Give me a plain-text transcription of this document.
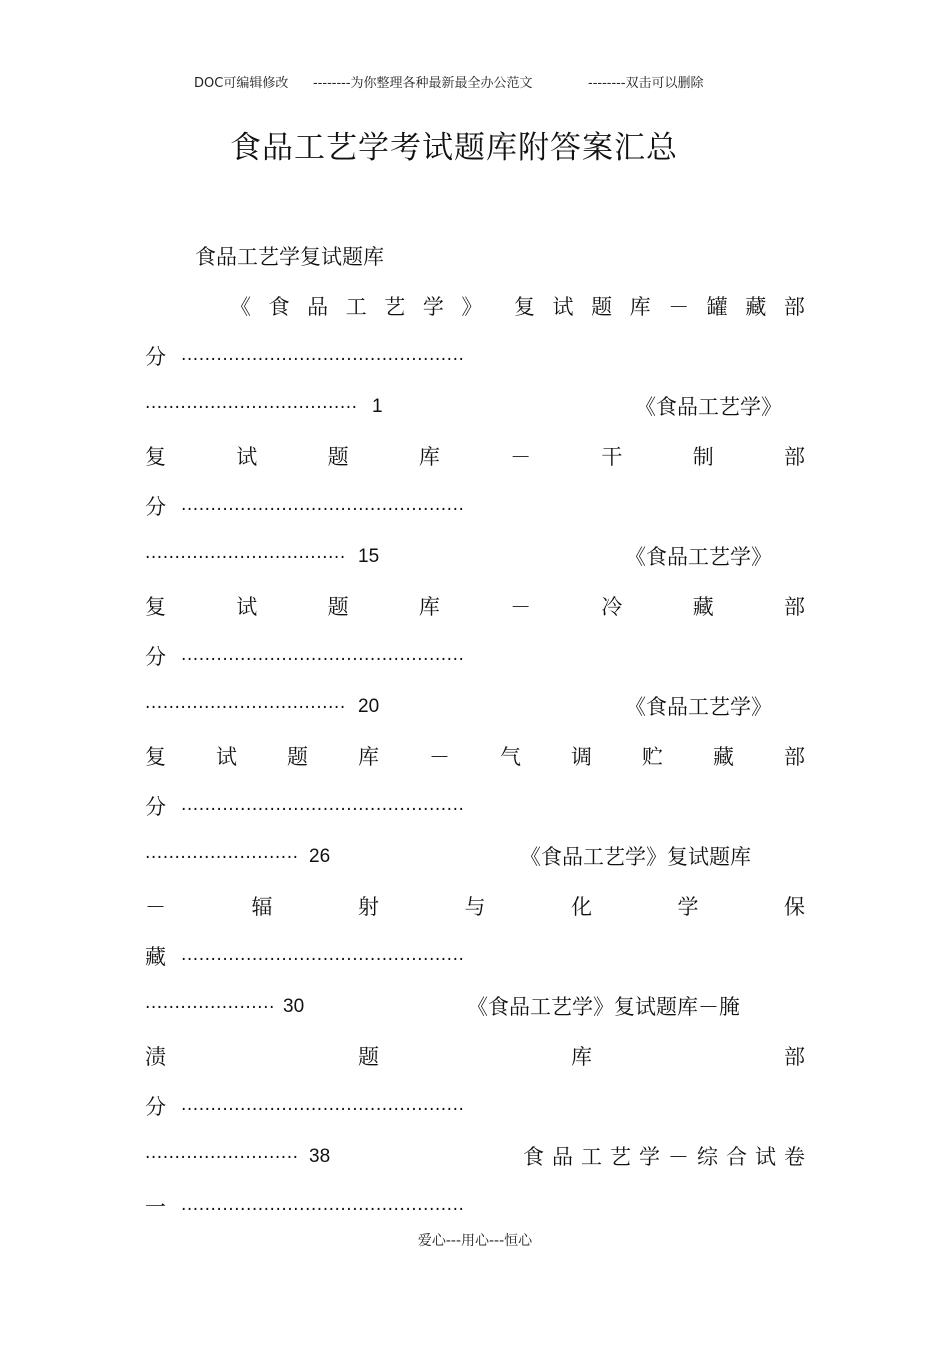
DOC可编辑修改 --------为你整理各种最新最全办公范文	--------双击可以删除
食品工艺学考试题库附答案汇总
食品工艺学复试题库
《 食 品 工 艺 学 》 复 试 题 库 － 罐 藏 部
分 ................................................
.................................... 1	《食品工艺学》
复	试	题	库	－	干	制	部
分 ................................................
.................................. 15	《食品工艺学》
复	试	题	库	－	冷	藏	部
分 ................................................
.................................. 20	《食品工艺学》
复 试 题 库 － 气 调 贮 藏 部
分 ................................................
.......................... 26	《食品工艺学》复试题库
－	辐	射	与	化	学	保
藏 ................................................
...................... 30	《食品工艺学》复试题库－腌
渍	题	库	部
分 ................................................
.......................... 38	食品工艺学－综合试卷
一 ................................................
爱心---用心---恒心
